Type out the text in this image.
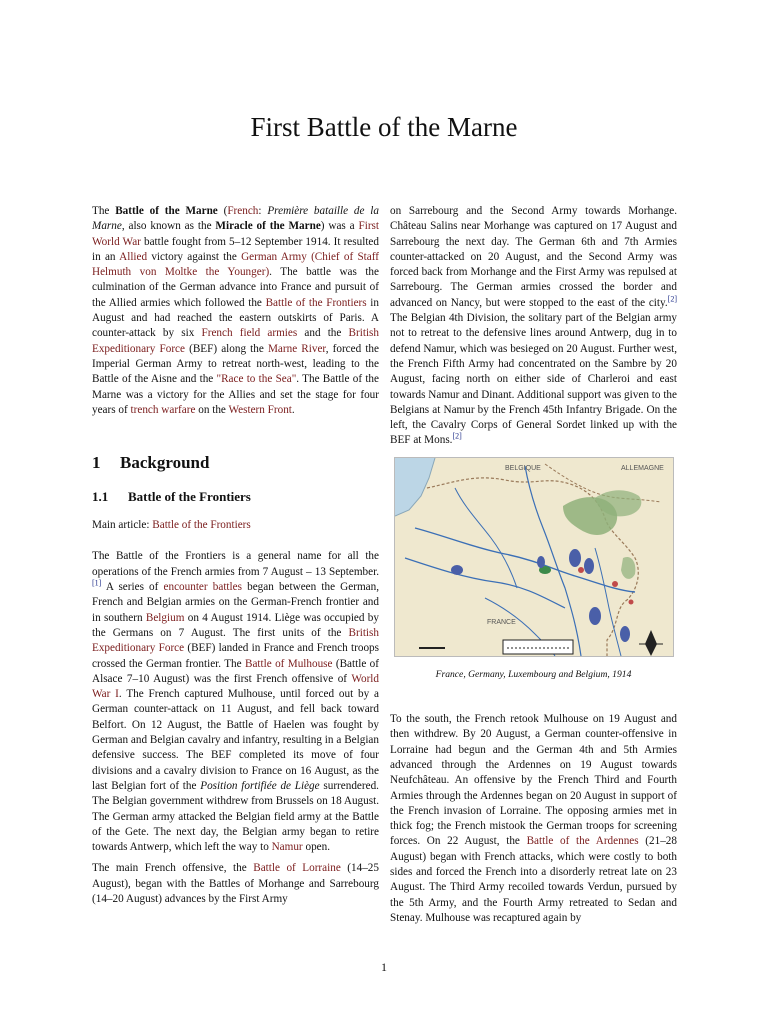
First Battle of the Marne

The Battle of the Marne (French: Première bataille de la Marne, also known as the Miracle of the Marne) was a First World War battle fought from 5–12 September 1914. It resulted in an Allied victory against the German Army (Chief of Staff Helmuth von Moltke the Younger). The battle was the culmination of the German advance into France and pursuit of the Allied armies which followed the Battle of the Frontiers in August and had reached the eastern outskirts of Paris. A counter-attack by six French field armies and the British Expeditionary Force (BEF) along the Marne River, forced the Imperial German Army to retreat north-west, leading to the Battle of the Aisne and the "Race to the Sea". The Battle of the Marne was a victory for the Allies and set the stage for four years of trench warfare on the Western Front.

1 Background
1.1 Battle of the Frontiers

Main article: Battle of the Frontiers

The Battle of the Frontiers is a general name for all the operations of the French armies from 7 August – 13 September.[1] A series of encounter battles began between the German, French and Belgian armies on the German-French frontier and in southern Belgium on 4 August 1914. Liège was occupied by the Germans on 7 August. The first units of the British Expeditionary Force (BEF) landed in France and French troops crossed the German frontier. The Battle of Mulhouse (Battle of Alsace 7–10 August) was the first French offensive of World War I. The French captured Mulhouse, until forced out by a German counter-attack on 11 August, and fell back toward Belfort. On 12 August, the Battle of Haelen was fought by German and Belgian cavalry and infantry, resulting in a Belgian defensive success. The BEF completed its move of four divisions and a cavalry division to France on 16 August, as the last Belgian fort of the Position fortifiée de Liège surrendered. The Belgian government withdrew from Brussels on 18 August. The German army attacked the Belgian field army at the Battle of the Gete. The next day, the Belgian army began to retire towards Antwerp, which left the way to Namur open.

The main French offensive, the Battle of Lorraine (14–25 August), began with the Battles of Morhange and Sarrebourg (14–20 August) advances by the First Army

on Sarrebourg and the Second Army towards Morhange. Château Salins near Morhange was captured on 17 August and Sarrebourg the next day. The German 6th and 7th Armies counter-attacked on 20 August, and the Second Army was forced back from Morhange and the First Army was repulsed at Sarrebourg. The German armies crossed the border and advanced on Nancy, but were stopped to the east of the city.[2] The Belgian 4th Division, the solitary part of the Belgian army not to retreat to the defensive lines around Antwerp, dug in to defend Namur, which was besieged on 20 August. Further west, the French Fifth Army had concentrated on the Sambre by 20 August, facing north on either side of Charleroi and east towards Namur and Dinant. Additional support was given to the Belgians at Namur by the French 45th Infantry Brigade. On the left, the Cavalry Corps of General Sordet linked up with the BEF at Mons.[2]

BELGIQUE	ALLEMAGNE
FRANCE
France, Germany, Luxembourg and Belgium, 1914

To the south, the French retook Mulhouse on 19 August and then withdrew. By 20 August, a German counter-offensive in Lorraine had begun and the German 4th and 5th Armies advanced through the Ardennes on 19 August towards Neufchâteau. An offensive by the French Third and Fourth Armies through the Ardennes began on 20 August in support of the French invasion of Lorraine. The opposing armies met in thick fog; the French mistook the German troops for screening forces. On 22 August, the Battle of the Ardennes (21–28 August) began with French attacks, which were costly to both sides and forced the French into a disorderly retreat late on 23 August. The Third Army recoiled towards Verdun, pursued by the 5th Army, and the Fourth Army retreated to Sedan and Stenay. Mulhouse was recaptured again by

1
